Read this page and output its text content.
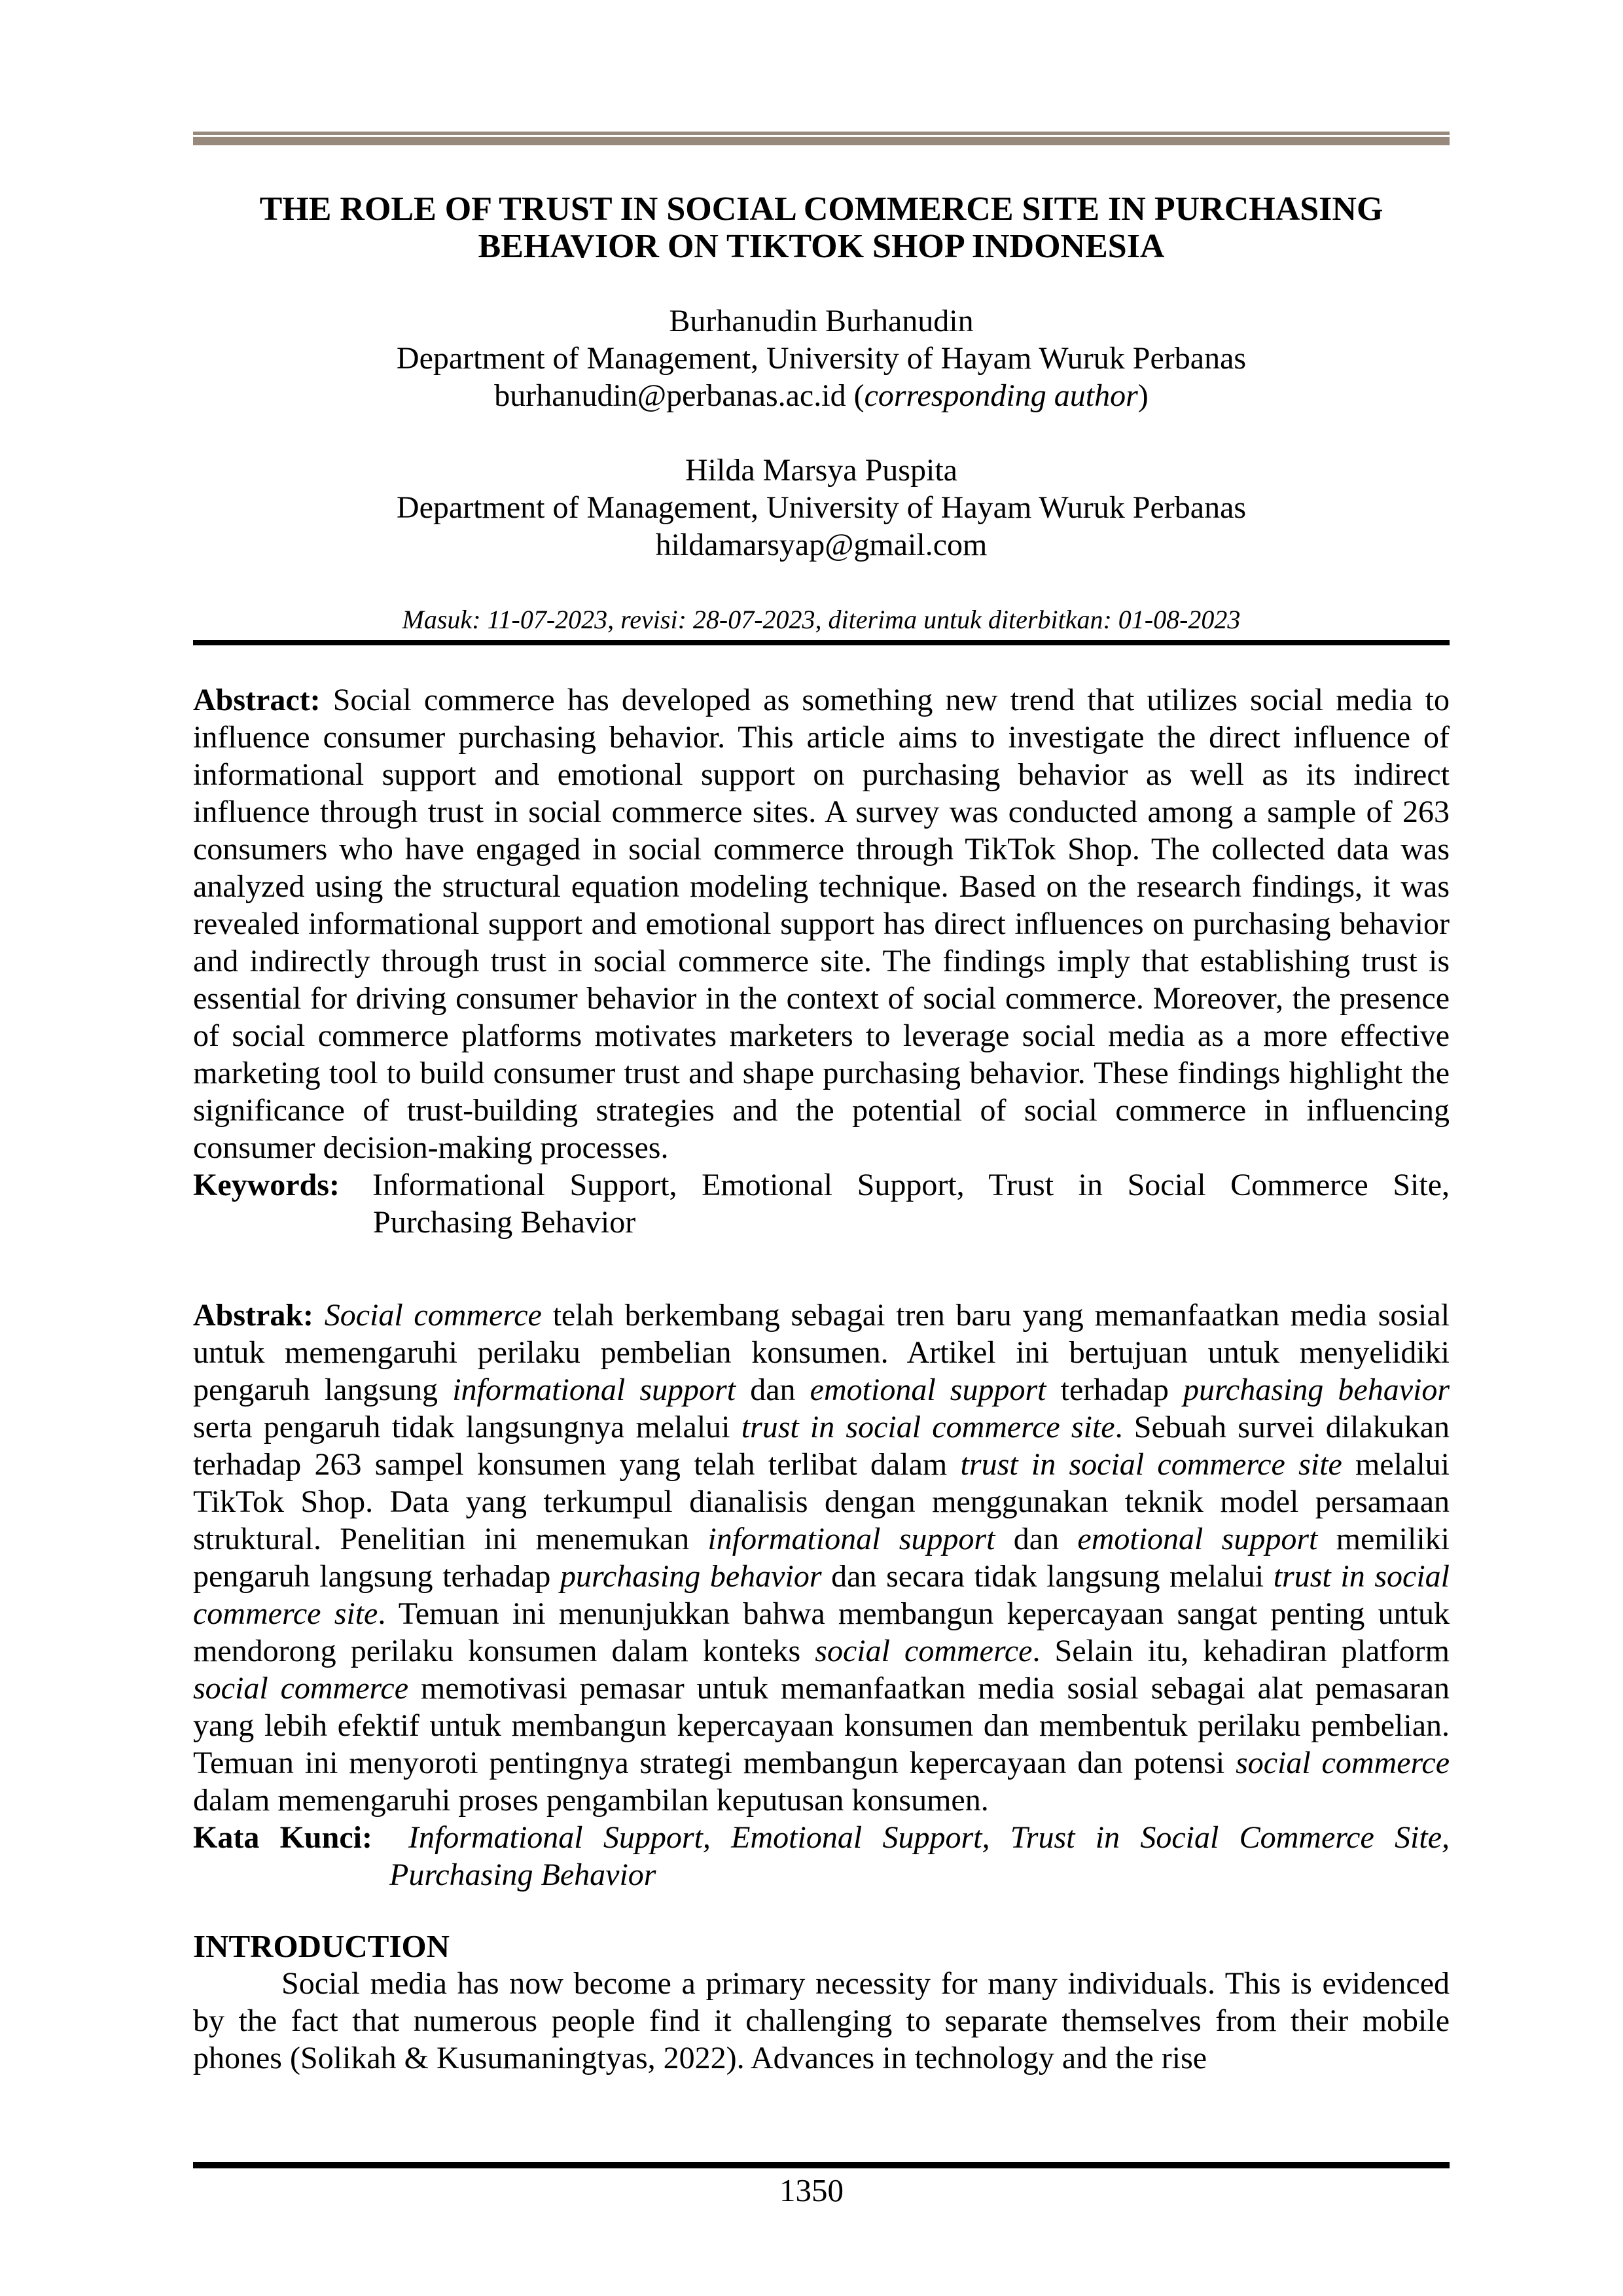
THE ROLE OF TRUST IN SOCIAL COMMERCE SITE IN PURCHASING
BEHAVIOR ON TIKTOK SHOP INDONESIA

Burhanudin Burhanudin

Department of Management, University of Hayam Wuruk Perbanas

burhanudin@perbanas.ac.id (corresponding author)

Hilda Marsya Puspita

Department of Management, University of Hayam Wuruk Perbanas

hildamarsyap@gmail.com

Masuk: 11-07-2023, revisi: 28-07-2023, diterima untuk diterbitkan: 01-08-2023

Abstract: Social commerce has developed as something new trend that utilizes social media to influence consumer purchasing behavior. This article aims to investigate the direct influence of informational support and emotional support on purchasing behavior as well as its indirect influence through trust in social commerce sites. A survey was conducted among a sample of 263 consumers who have engaged in social commerce through TikTok Shop. The collected data was analyzed using the structural equation modeling technique. Based on the research findings, it was revealed informational support and emotional support has direct influences on purchasing behavior and indirectly through trust in social commerce site. The findings imply that establishing trust is essential for driving consumer behavior in the context of social commerce. Moreover, the presence of social commerce platforms motivates marketers to leverage social media as a more effective marketing tool to build consumer trust and shape purchasing behavior. These findings highlight the significance of trust-building strategies and the potential of social commerce in influencing consumer decision-making processes.

Keywords: Informational Support, Emotional Support, Trust in Social Commerce Site, Purchasing Behavior

Abstrak: Social commerce telah berkembang sebagai tren baru yang memanfaatkan media sosial untuk memengaruhi perilaku pembelian konsumen. Artikel ini bertujuan untuk menyelidiki pengaruh langsung informational support dan emotional support terhadap purchasing behavior serta pengaruh tidak langsungnya melalui trust in social commerce site. Sebuah survei dilakukan terhadap 263 sampel konsumen yang telah terlibat dalam trust in social commerce site melalui TikTok Shop. Data yang terkumpul dianalisis dengan menggunakan teknik model persamaan struktural. Penelitian ini menemukan informational support dan emotional support memiliki pengaruh langsung terhadap purchasing behavior dan secara tidak langsung melalui trust in social commerce site. Temuan ini menunjukkan bahwa membangun kepercayaan sangat penting untuk mendorong perilaku konsumen dalam konteks social commerce. Selain itu, kehadiran platform social commerce memotivasi pemasar untuk memanfaatkan media sosial sebagai alat pemasaran yang lebih efektif untuk membangun kepercayaan konsumen dan membentuk perilaku pembelian. Temuan ini menyoroti pentingnya strategi membangun kepercayaan dan potensi social commerce dalam memengaruhi proses pengambilan keputusan konsumen.

Kata Kunci: Informational Support, Emotional Support, Trust in Social Commerce Site, Purchasing Behavior

INTRODUCTION

Social media has now become a primary necessity for many individuals. This is evidenced by the fact that numerous people find it challenging to separate themselves from their mobile phones (Solikah & Kusumaningtyas, 2022). Advances in technology and the rise

1350
